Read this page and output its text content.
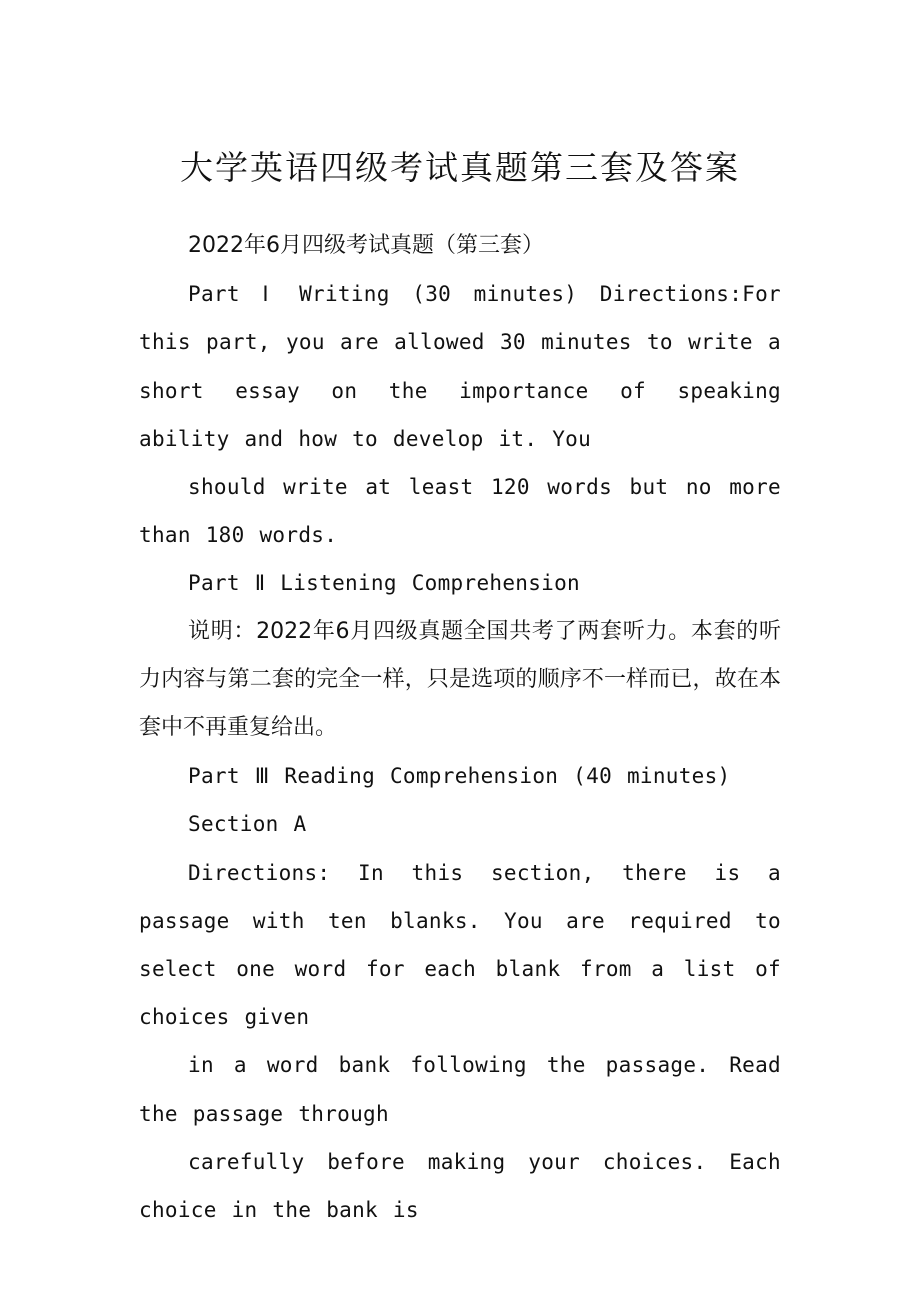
大学英语四级考试真题第三套及答案

2022年6月四级考试真题（第三套）

Part Ⅰ Writing (30 minutes) Directions:For this part, you are allowed 30 minutes to write a short essay on the importance of speaking ability and how to develop it. You

should write at least 120 words but no more than 180 words.

Part Ⅱ Listening Comprehension

说明：2022年6月四级真题全国共考了两套听力。本套的听力内容与第二套的完全一样，只是选项的顺序不一样而已，故在本套中不再重复给出。

Part Ⅲ Reading Comprehension (40 minutes)

Section A

Directions: In this section, there is a passage with ten blanks. You are required to select one word for each blank from a list of choices given

in a word bank following the passage. Read the passage through

carefully before making your choices. Each choice in the bank is
